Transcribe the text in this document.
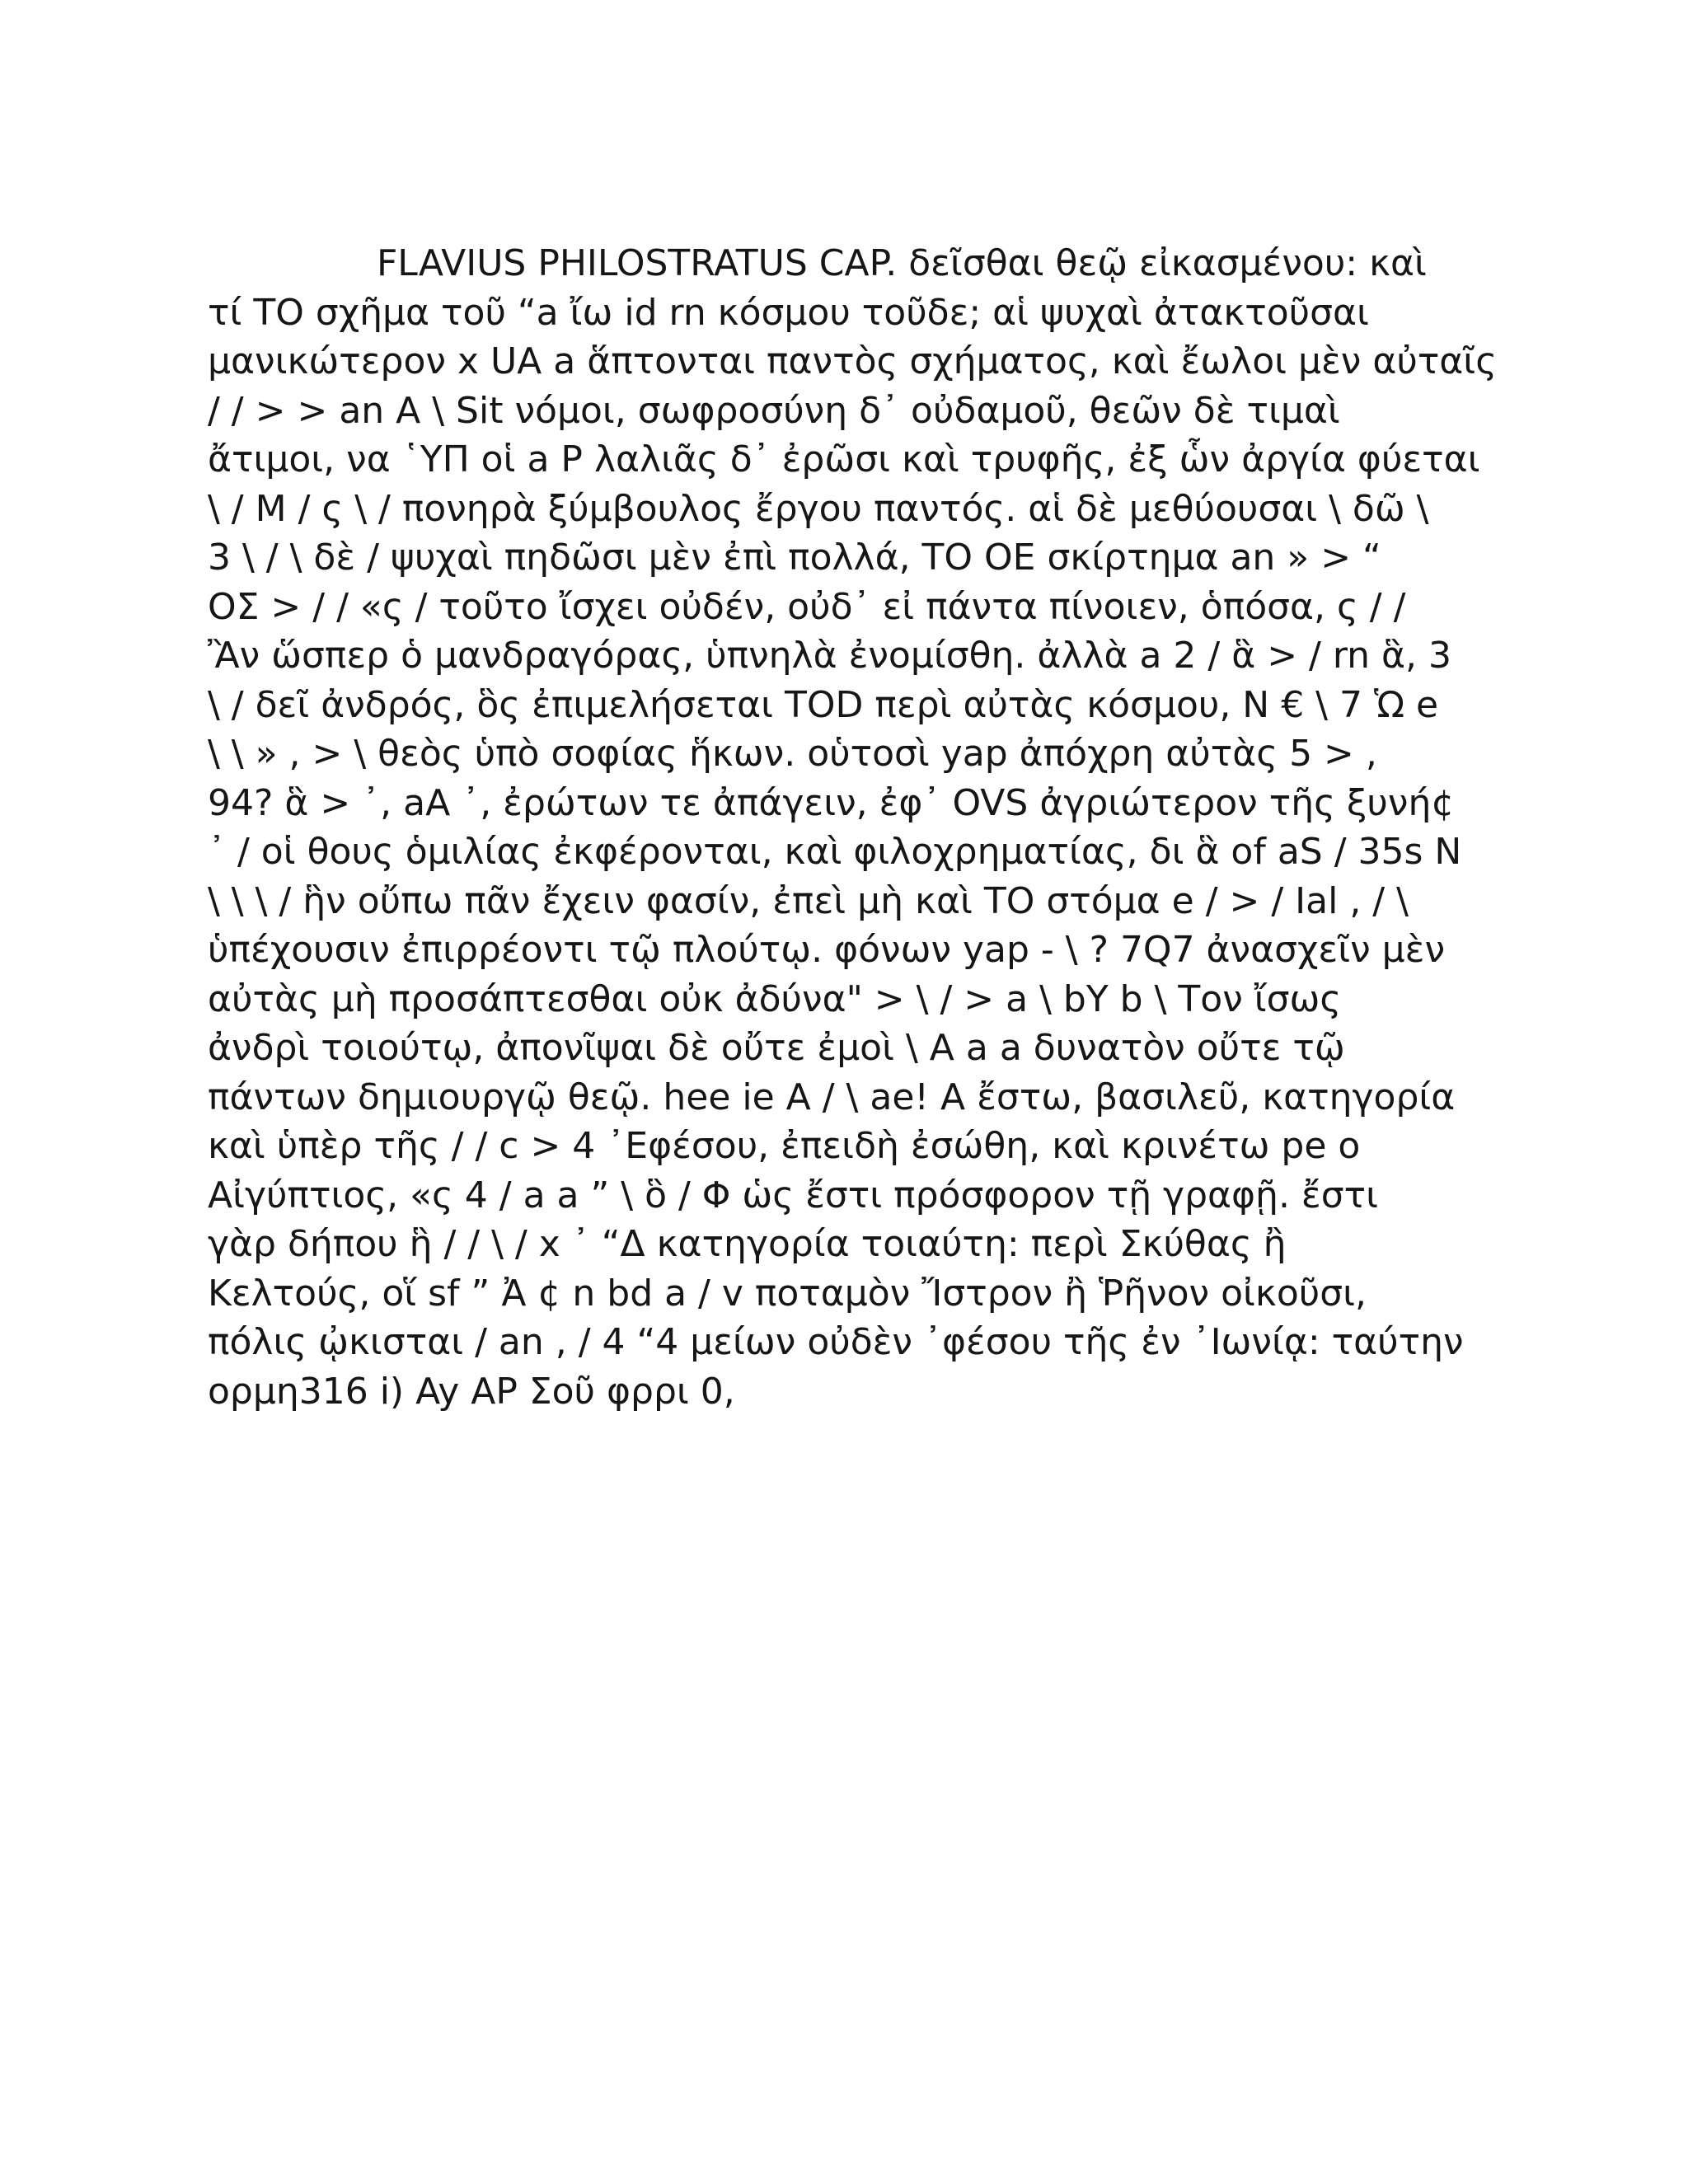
FLAVIUS PHILOSTRATUS CAP. δεῖσθαι θεῷ εἰκασμένου: καὶ
τί TO σχῆμα τοῦ “a ἴω id rn κόσμου τοῦδε; αἱ ψυχαὶ ἀτακτοῦσαι
μανικώτερον x UA a ἅπτονται παντὸς σχήματος, καὶ ἔωλοι μὲν αὐταῖς
/ / > > an A \ Sit νόμοι, σωφροσύνη δ᾿ οὐδαμοῦ, θεῶν δὲ τιμαὶ
ἄτιμοι, να ῾ΥΠ οἱ a P λαλιᾶς δ᾿ ἐρῶσι καὶ τρυφῆς, ἐξ ὧν ἀργία φύεται
\ / M / ς \ / πονηρὰ ξύμβουλος ἔργου παντός. αἱ δὲ μεθύουσαι \ δῶ \
3 \ / \ δὲ / ψυχαὶ πηδῶσι μὲν ἐπὶ πολλά, TO OE σκίρτημα an » > “
OΣ > / / «ς / τοῦτο ἴσχει οὐδέν, οὐδ᾿ εἰ πάντα πίνοιεν, ὁπόσα, ς / /
Ἂν ὥσπερ ὁ μανδραγόρας, ὑπνηλὰ ἐνομίσθη. ἀλλὰ a 2 / ἃ > / rn ἃ, 3
\ / δεῖ ἀνδρός, ὃς ἐπιμελήσεται TOD περὶ αὐτὰς κόσμου, N € \ 7 Ὡ e
\ \ » , > \ θεὸς ὑπὸ σοφίας ἥκων. οὑτοσὶ yap ἀπόχρη αὐτὰς 5 > ,
94? ἃ > ᾽, aA ᾽, ἐρώτων τε ἀπάγειν, ἐφ᾿ OVS ἀγριώτερον τῆς ξυνή¢
᾽ / οἱ θους ὁμιλίας ἐκφέρονται, καὶ φιλοχρηματίας, δι ἃ of aS / 35s N
\ \ \ / ἣν οὔπω πᾶν ἔχειν φασίν, ἐπεὶ μὴ καὶ TO στόμα e / > / Ial , / \
ὑπέχουσιν ἐπιρρέοντι τῷ πλούτῳ. φόνων yap - \ ? 7Q7 ἀνασχεῖν μὲν
αὐτὰς μὴ προσάπτεσθαι οὐκ ἀδύνα" > \ / > a \ bY b \ Τον ἴσως
ἀνδρὶ τοιούτῳ, ἀπονῖψαι δὲ οὔτε ἐμοὶ \ A a a δυνατὸν οὔτε τῷ
πάντων δημιουργῷ θεῷ. hee ie A / \ ae! A ἔστω, βασιλεῦ, κατηγορία
καὶ ὑπὲρ τῆς / / c > 4 ᾿Εφέσου, ἐπειδὴ ἐσώθη, καὶ κρινέτω pe o
Αἰγύπτιος, «ς 4 / a a ” \ ὃ / Φ ὡς ἔστι πρόσφορον τῇ γραφῇ. ἔστι
γὰρ δήπου ἣ / / \ / x ᾽ “Δ κατηγορία τοιαύτη: περὶ Σκύθας ἢ
Κελτούς, οἵ sf ” Ἀ ¢ n bd a / v ποταμὸν Ἴστρον ἢ Ῥῆνον οἰκοῦσι,
πόλις ᾠκισται / an , / 4 “4 μείων οὐδὲν ᾿φέσου τῆς ἐν ᾿Ιωνίᾳ: ταύτην
ορμη316 i) Ay AP Σοῦ φρρι 0,
